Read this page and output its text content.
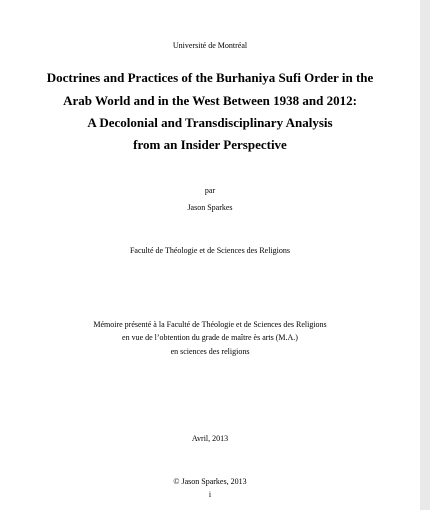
Université de Montréal
Doctrines and Practices of the Burhaniya Sufi Order in the
Arab World and in the West Between 1938 and 2012:
A Decolonial and Transdisciplinary Analysis
from an Insider Perspective
par
Jason Sparkes
Faculté de Théologie et de Sciences des Religions
Mémoire présenté à la Faculté de Théologie et de Sciences des Religions
en vue de l’obtention du grade de maître ès arts (M.A.)
en sciences des religions
Avril, 2013
© Jason Sparkes, 2013
i
